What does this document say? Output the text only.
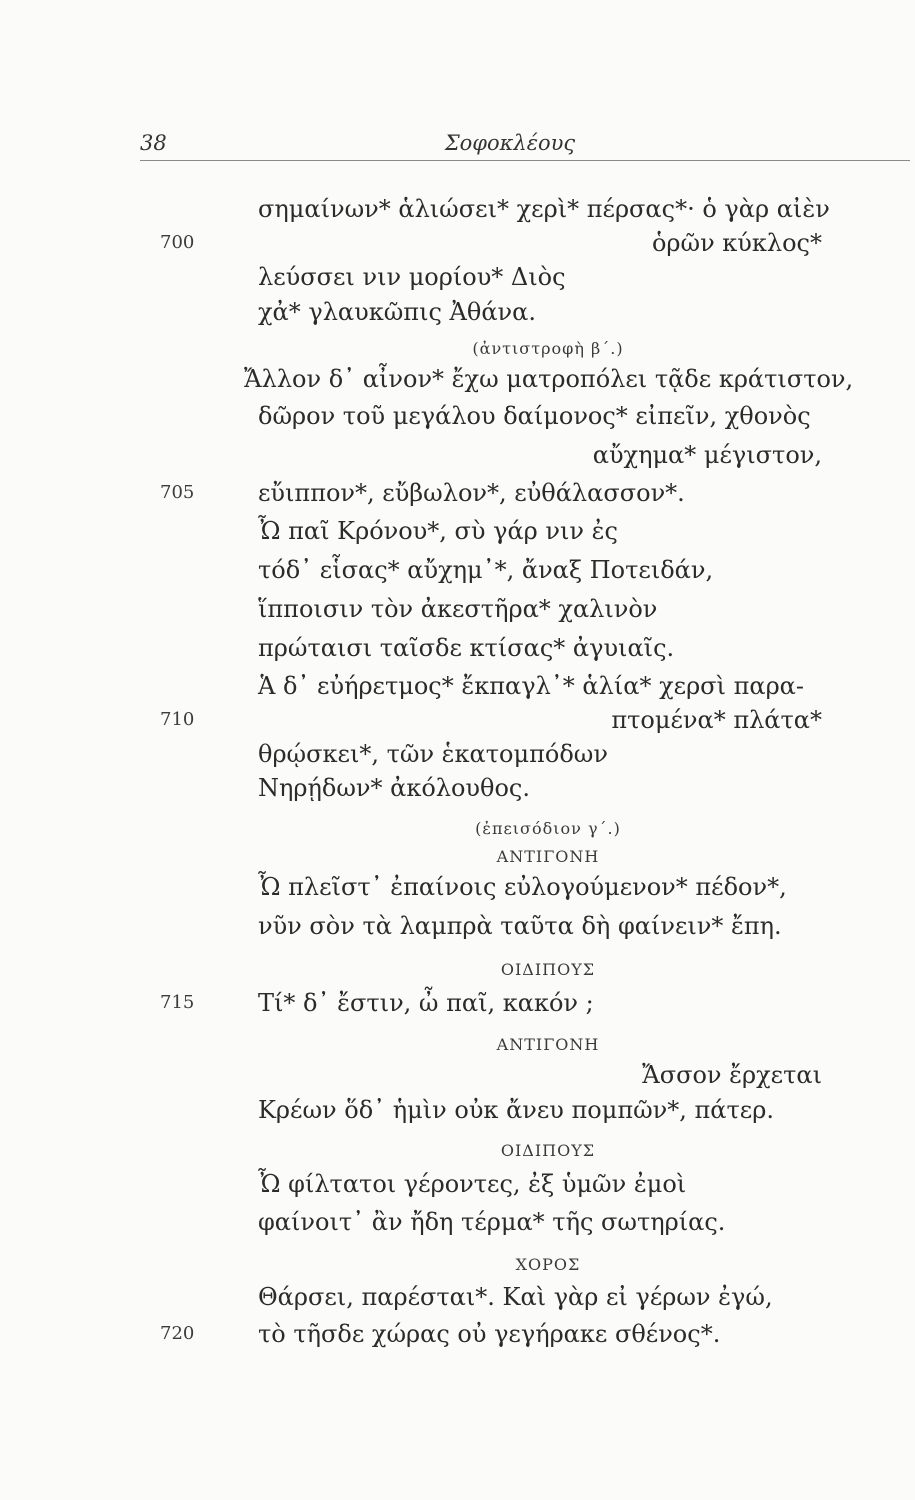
38	Σοφοκλέους
σημαίνων* ἁλιώσει* χερὶ* πέρσας*· ὁ γὰρ αἰὲν
700	ὁρῶν κύκλος*
λεύσσει νιν μορίου* Διὸς
χἀ* γλαυκῶπις Ἀθάνα.
(ἀντιστροφὴ β΄.)
Ἄλλον δ᾽ αἶνον* ἔχω ματροπόλει τᾷδε κράτιστον,
δῶρον τοῦ μεγάλου δαίμονος* εἰπεῖν, χθονὸς
αὔχημα* μέγιστον,
705	εὔιππον*, εὔβωλον*, εὐθάλασσον*.
Ὦ παῖ Κρόνου*, σὺ γάρ νιν ἐς
τόδ᾽ εἷσας* αὔχημ᾽*, ἄναξ Ποτειδάν,
ἵπποισιν τὸν ἀκεστῆρα* χαλινὸν
πρώταισι ταῖσδε κτίσας* ἀγυιαῖς.
Ἁ δ᾽ εὐήρετμος* ἔκπαγλ᾽* ἁλία* χερσὶ παρα-
710	πτομένα* πλάτα*
θρῴσκει*, τῶν ἑκατομπόδων
Νηρῄδων* ἀκόλουθος.
(ἐπεισόδιον γ΄.)
ΑΝΤΙΓΟΝΗ
Ὦ πλεῖστ᾽ ἐπαίνοις εὐλογούμενον* πέδον*,
νῦν σὸν τὰ λαμπρὰ ταῦτα δὴ φαίνειν* ἔπη.
ΟΙΔΙΠΟΥΣ
715	Τί* δ᾽ ἔστιν, ὦ παῖ, κακόν ;
ΑΝΤΙΓΟΝΗ
Ἄσσον ἔρχεται
Κρέων ὅδ᾽ ἡμὶν οὐκ ἄνευ πομπῶν*, πάτερ.
ΟΙΔΙΠΟΥΣ
Ὦ φίλτατοι γέροντες, ἐξ ὑμῶν ἐμοὶ
φαίνοιτ᾽ ἂν ἤδη τέρμα* τῆς σωτηρίας.
ΧΟΡΟΣ
Θάρσει, παρέσται*. Καὶ γὰρ εἰ γέρων ἐγώ,
720	τὸ τῆσδε χώρας οὐ γεγήρακε σθένος*.
